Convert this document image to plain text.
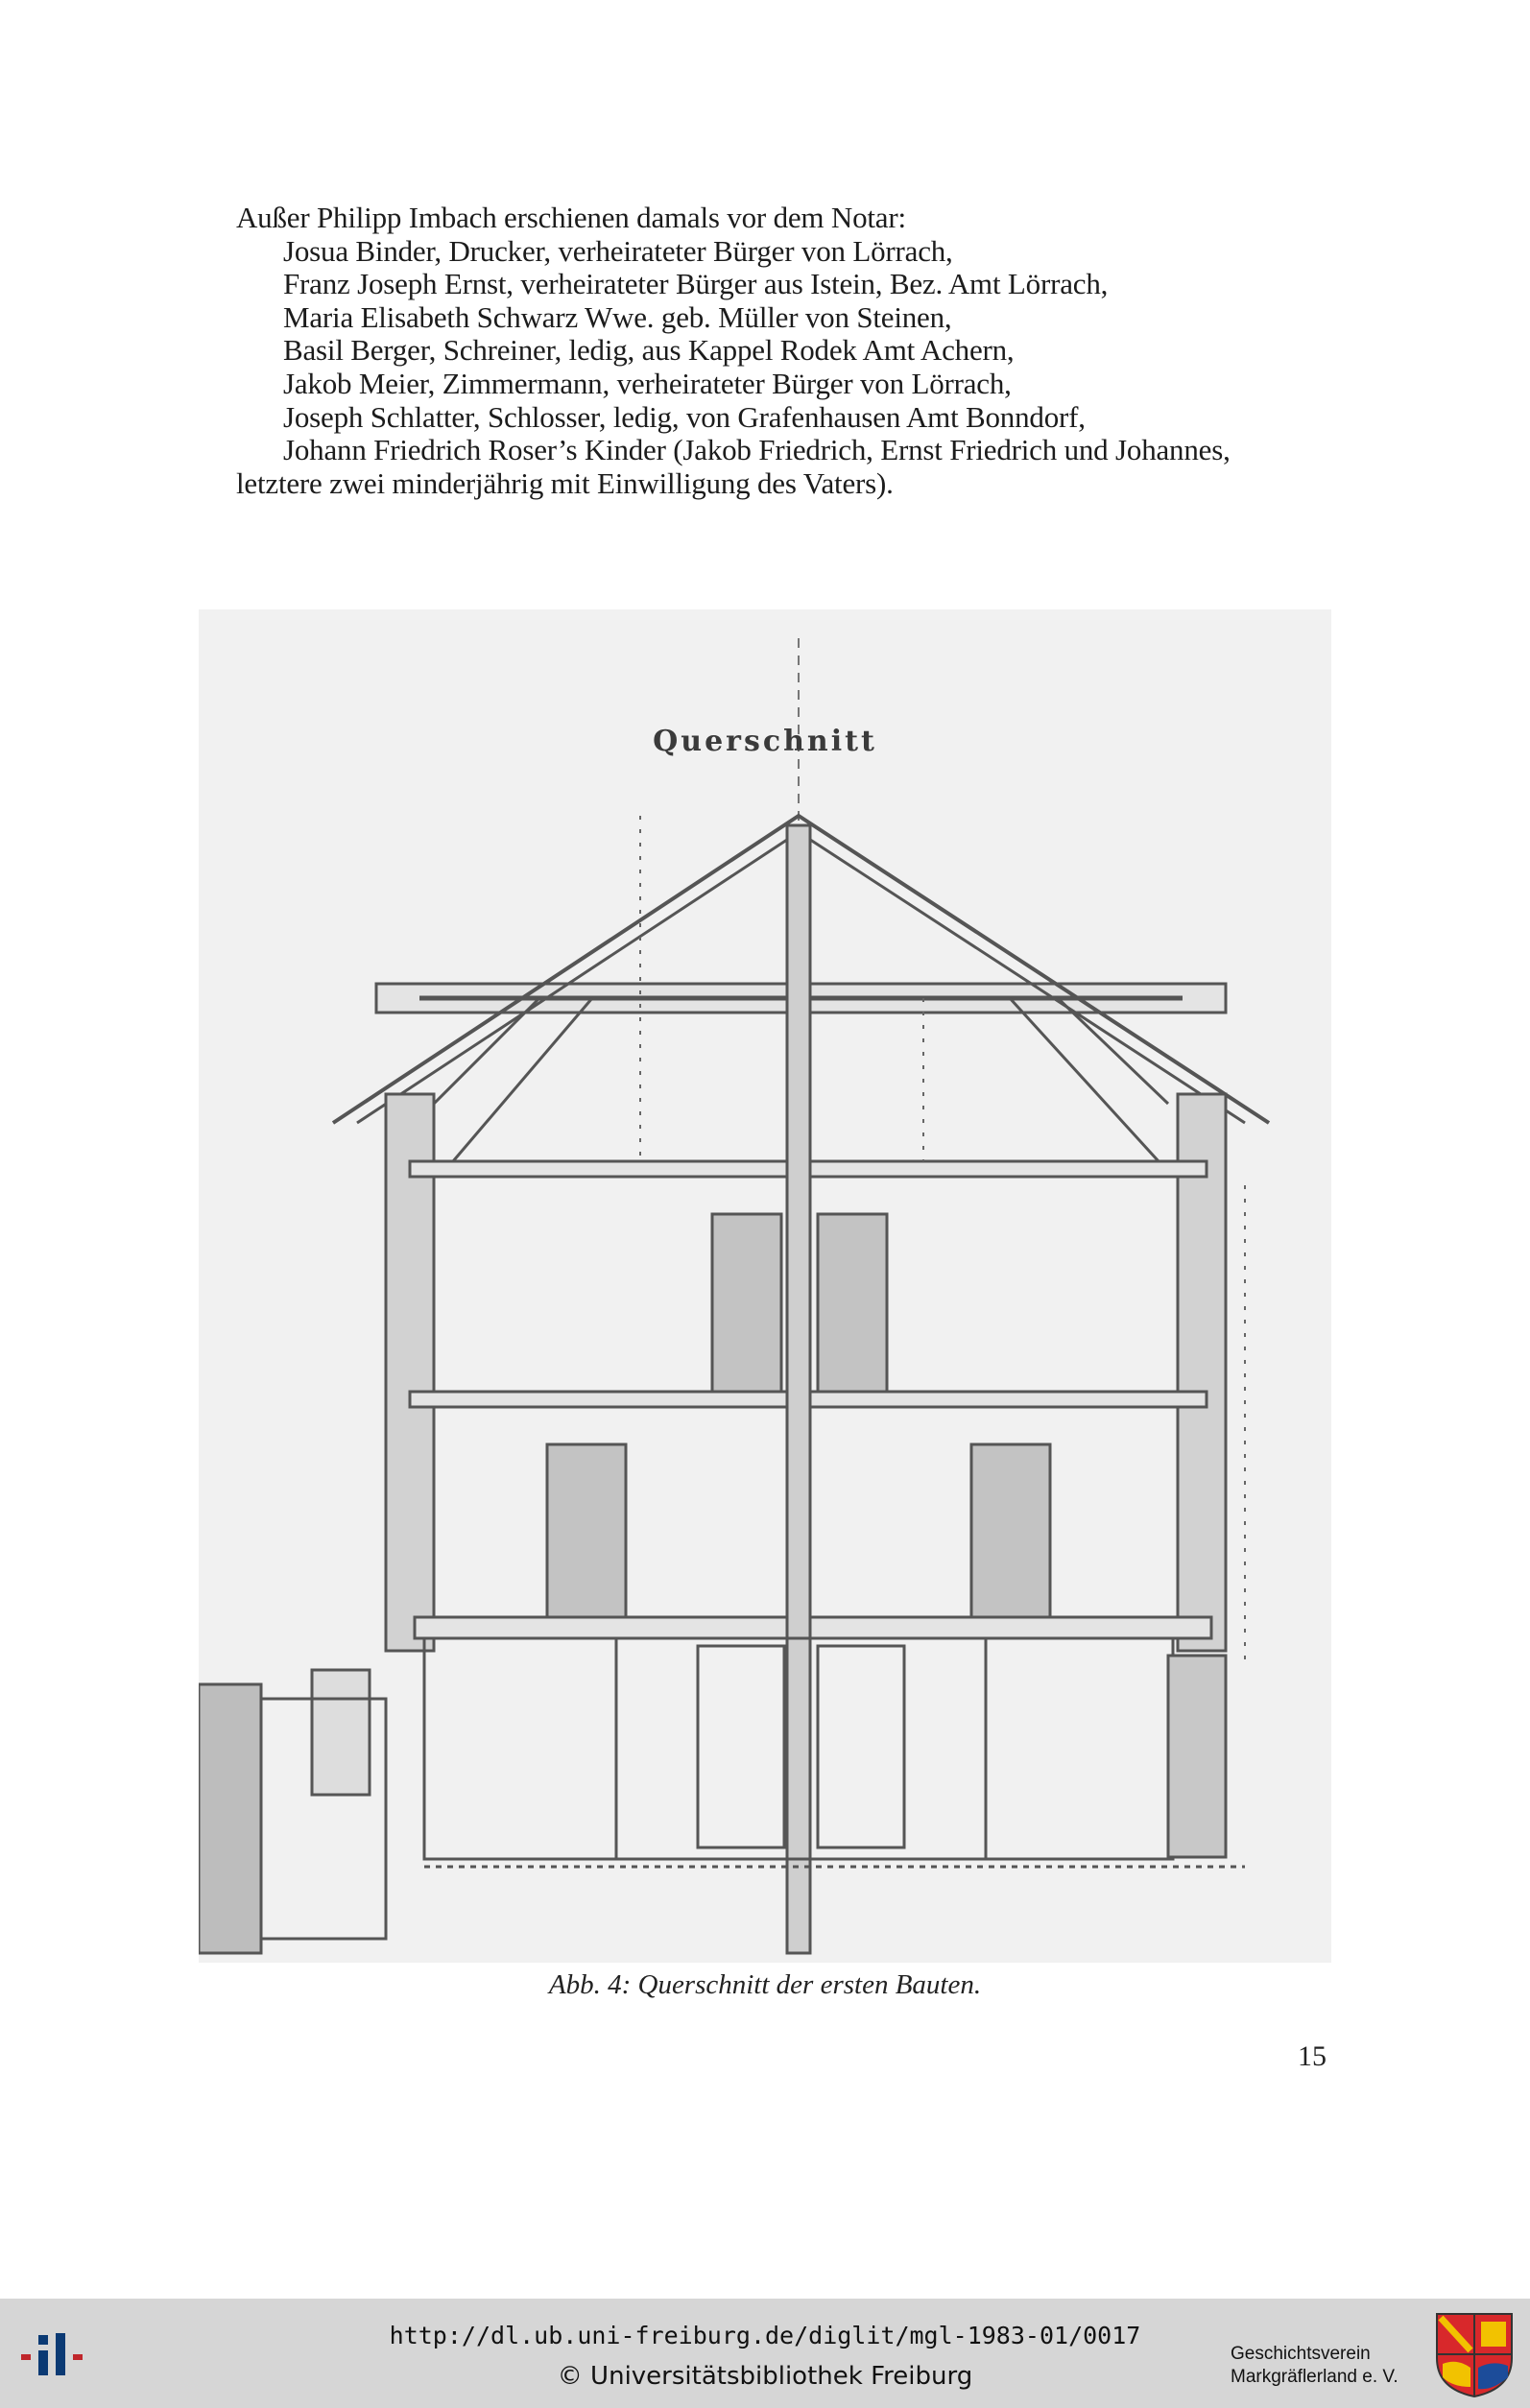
Außer Philipp Imbach erschienen damals vor dem Notar:
Josua Binder, Drucker, verheirateter Bürger von Lörrach,
Franz Joseph Ernst, verheirateter Bürger aus Istein, Bez. Amt Lörrach,
Maria Elisabeth Schwarz Wwe. geb. Müller von Steinen,
Basil Berger, Schreiner, ledig, aus Kappel Rodek Amt Achern,
Jakob Meier, Zimmermann, verheirateter Bürger von Lörrach,
Joseph Schlatter, Schlosser, ledig, von Grafenhausen Amt Bonndorf,
Johann Friedrich Roser’s Kinder (Jakob Friedrich, Ernst Friedrich und Johannes,
letztere zwei minderjährig mit Einwilligung des Vaters).
Querschnitt
Abb. 4: Querschnitt der ersten Bauten.
15
http://dl.ub.uni-freiburg.de/diglit/mgl-1983-01/0017
© Universitätsbibliothek Freiburg
Geschichtsverein
Markgräflerland e. V.
